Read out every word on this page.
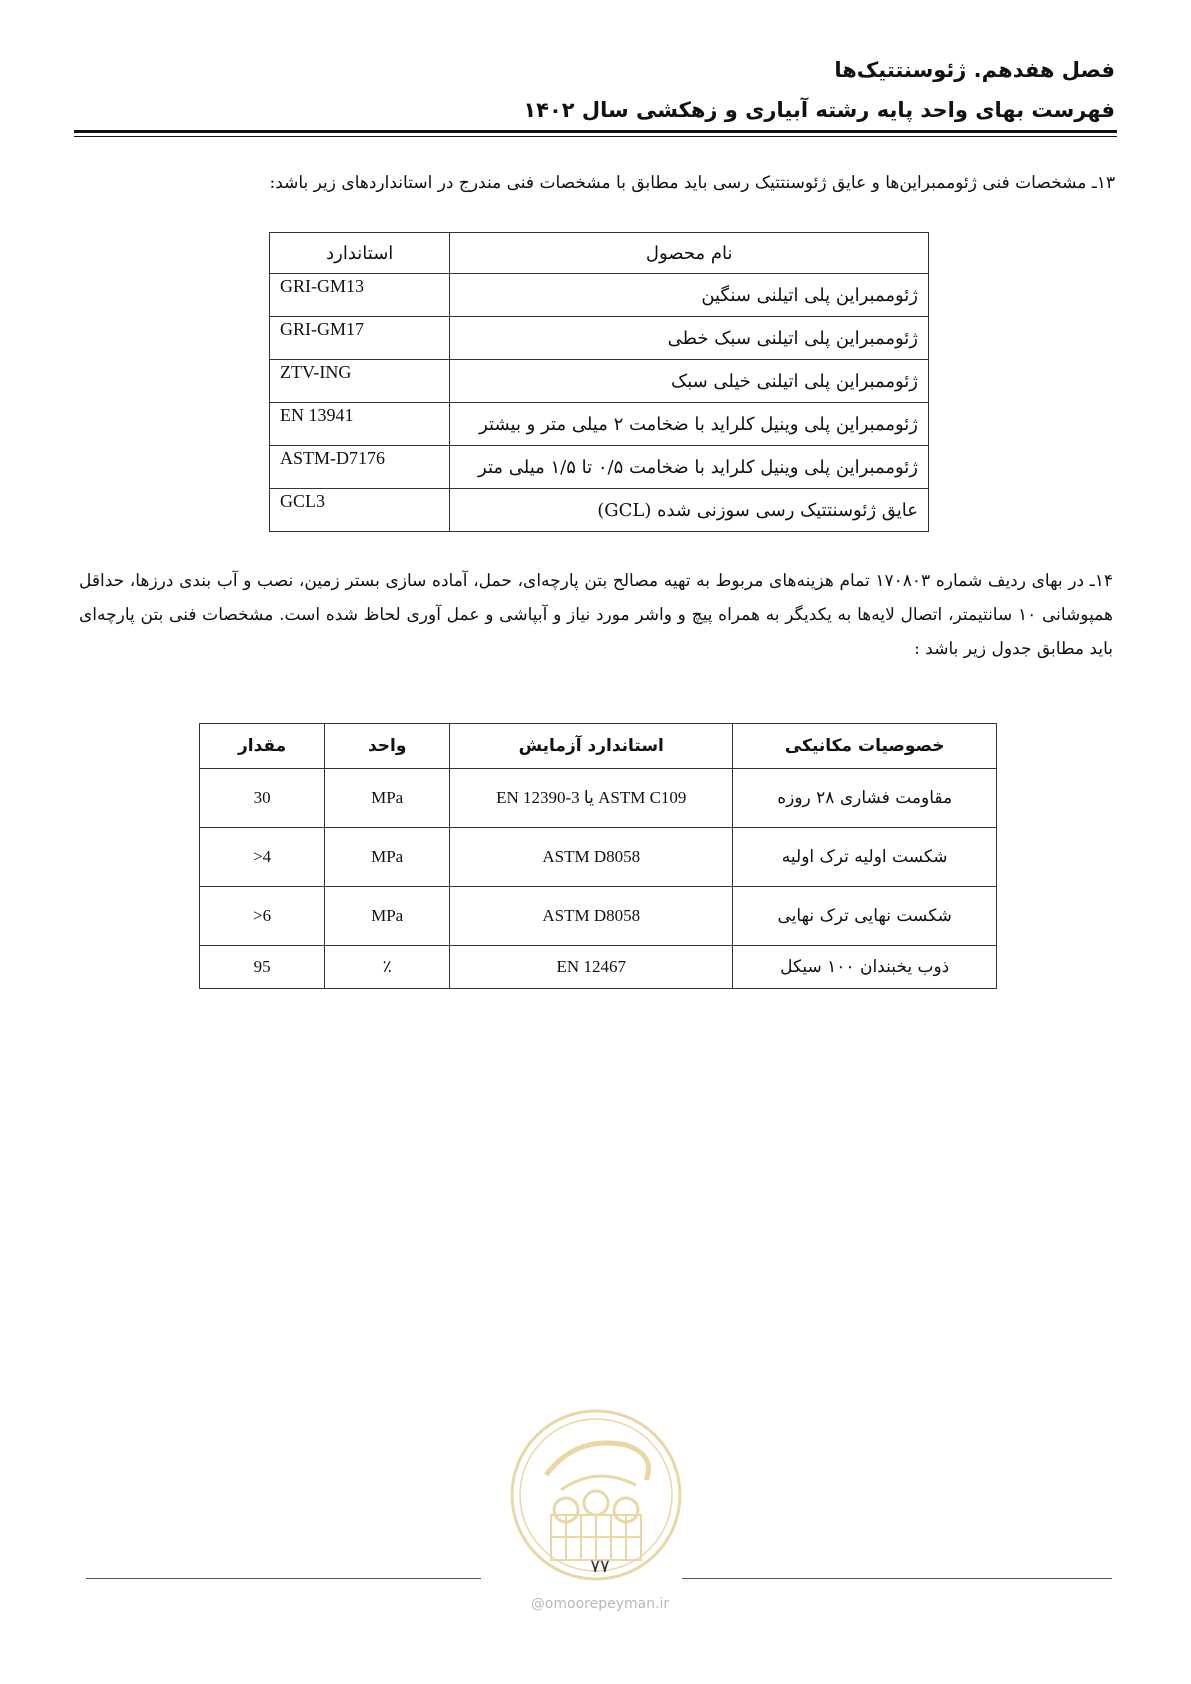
فصل هفدهم. ژئوسنتتیک‌ها
فهرست بهای واحد پایه رشته آبیاری و زهکشی سال ۱۴۰۲
۱۳ـ مشخصات فنی ژئوممبراین‌ها و عایق ژئوسنتتیک رسی باید مطابق با مشخصات فنی مندرج در استانداردهای زیر باشد:
نام محصول	استاندارد
ژئوممبراین پلی اتیلنی سنگین	GRI-GM13
ژئوممبراین پلی اتیلنی سبک خطی	GRI-GM17
ژئوممبراین پلی اتیلنی خیلی سبک	ZTV-ING
ژئوممبراین پلی وینیل کلراید با ضخامت ۲ میلی متر و بیشتر	EN 13941
ژئوممبراین پلی وینیل کلراید با ضخامت ۰/۵ تا ۱/۵ میلی متر	ASTM-D7176
عایق ژئوسنتتیک رسی سوزنی شده (GCL)	GCL3
۱۴ـ در بهای ردیف شماره ۱۷۰۸۰۳ تمام هزینه‌های مربوط به تهیه مصالح بتن پارچه‌ای، حمل، آماده سازی بستر زمین، نصب و آب بندی درزها، حداقل همپوشانی ۱۰ سانتیمتر، اتصال لایه‌ها به یکدیگر به همراه پیچ و واشر مورد نیاز و آبپاشی و عمل آوری لحاظ شده است. مشخصات فنی بتن پارچه‌ای باید مطابق جدول زیر باشد :
خصوصیات مکانیکی	استاندارد آزمایش	واحد	مقدار
مقاومت فشاری ۲۸ روزه	EN 12390-3 یا ASTM C109	MPa	30
شکست اولیه ترک اولیه	ASTM D8058	MPa	>4
شکست نهایی ترک نهایی	ASTM D8058	MPa	>6
ذوب یخبندان ۱۰۰ سیکل	EN 12467	٪	95
۷۷
@omoorepeyman.ir
